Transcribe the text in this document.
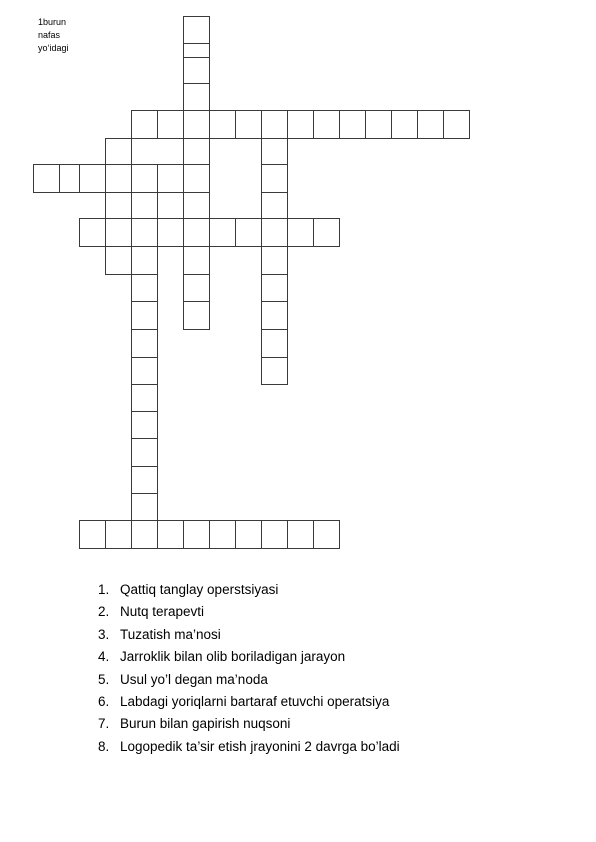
1burun
nafas
yo‘idagi
1. Qattiq tanglay operstsiyasi
2. Nutq terapevti
3. Tuzatish ma’nosi
4. Jarroklik bilan olib boriladigan jarayon
5. Usul yo’l degan ma’noda
6. Labdagi yoriqlarni bartaraf etuvchi operatsiya
7. Burun bilan gapirish nuqsoni
8. Logopedik ta’sir etish jrayonini 2 davrga bo’ladi
